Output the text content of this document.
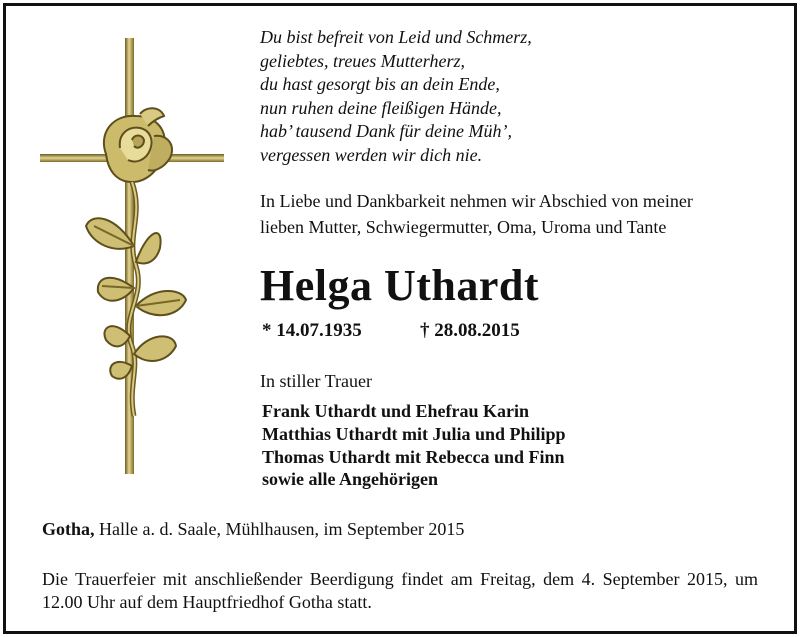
Du bist befreit von Leid und Schmerz,
geliebtes, treues Mutterherz,
du hast gesorgt bis an dein Ende,
nun ruhen deine fleißigen Hände,
hab’ tausend Dank für deine Müh’,
vergessen werden wir dich nie.
In Liebe und Dankbarkeit nehmen wir Abschied von meiner
lieben Mutter, Schwiegermutter, Oma, Uroma und Tante
Helga Uthardt
* 14.07.1935	† 28.08.2015
In stiller Trauer
Frank Uthardt und Ehefrau Karin
Matthias Uthardt mit Julia und Philipp
Thomas Uthardt mit Rebecca und Finn
sowie alle Angehörigen
Gotha, Halle a. d. Saale, Mühlhausen, im September 2015
Die Trauerfeier mit anschließender Beerdigung findet am Freitag, dem 4. September 2015, um 12.00 Uhr auf dem Hauptfriedhof Gotha statt.
